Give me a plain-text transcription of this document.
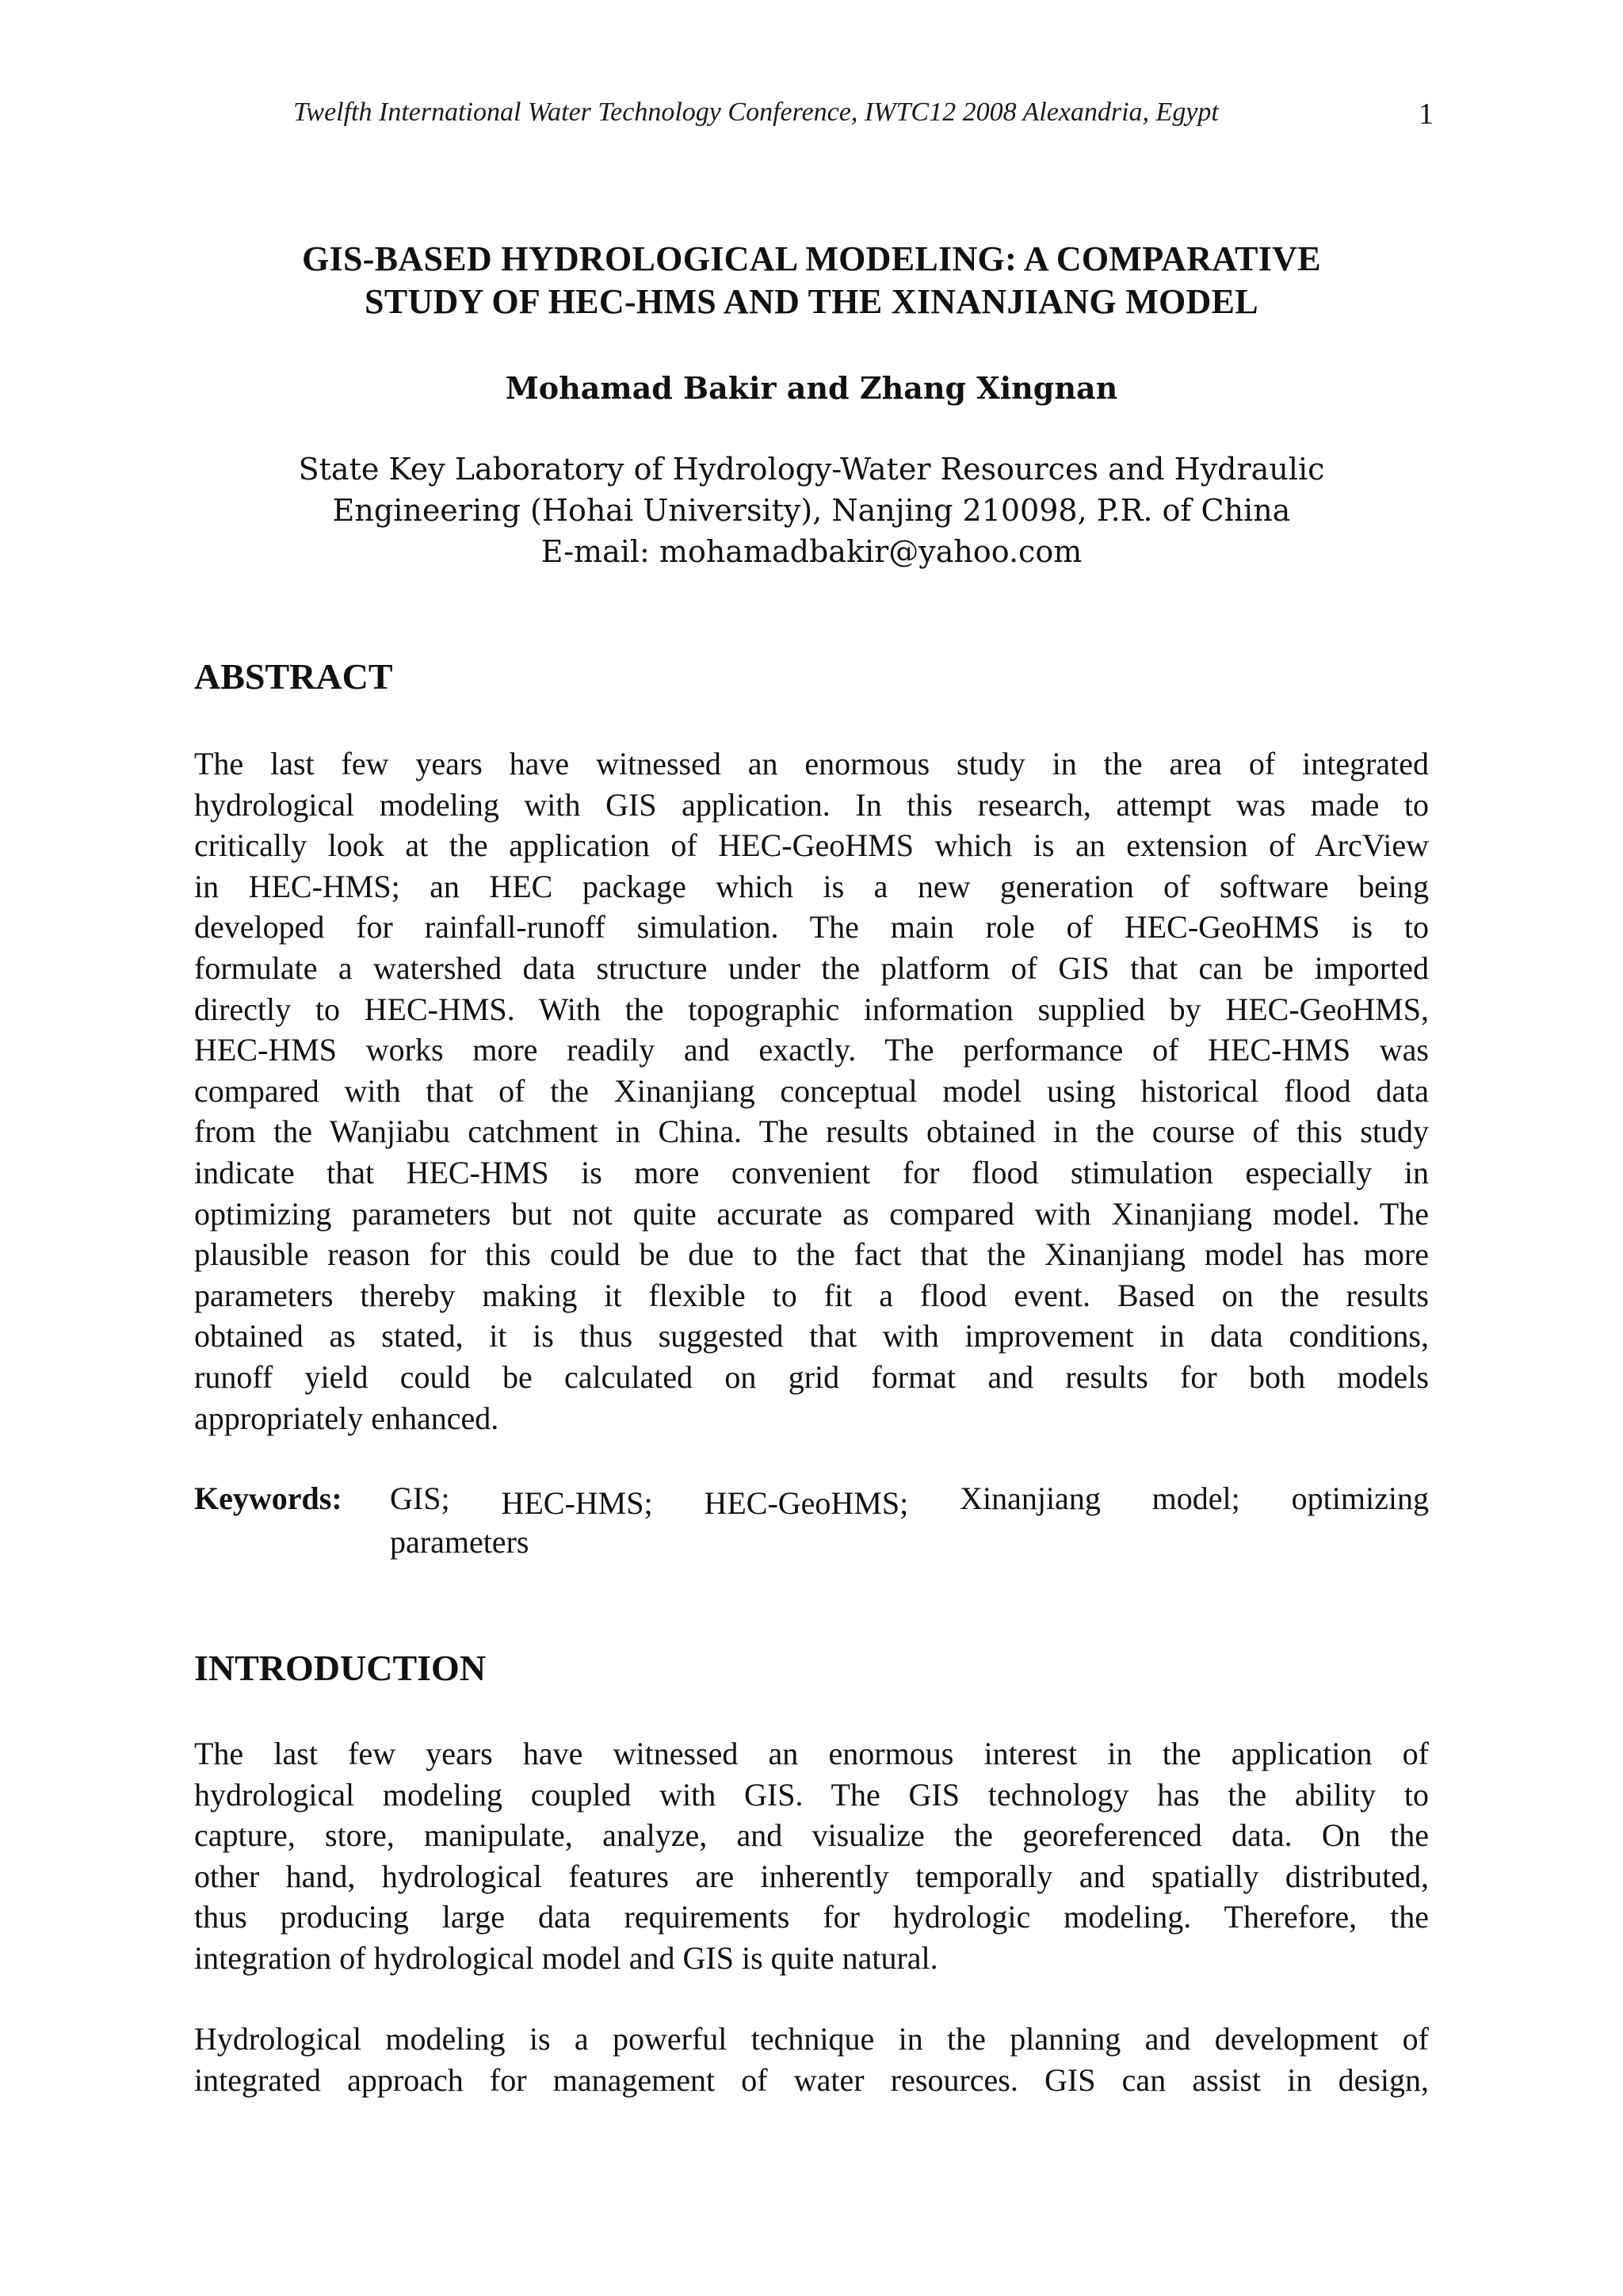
Twelfth International Water Technology Conference, IWTC12 2008 Alexandria, Egypt	1
GIS-BASED HYDROLOGICAL MODELING: A COMPARATIVE
STUDY OF HEC-HMS AND THE XINANJIANG MODEL
Mohamad Bakir and Zhang Xingnan
State Key Laboratory of Hydrology-Water Resources and Hydraulic
Engineering (Hohai University), Nanjing 210098, P.R. of China
E-mail: mohamadbakir@yahoo.com
ABSTRACT
The last few years have witnessed an enormous study in the area of integrated
hydrological modeling with GIS application. In this research, attempt was made to
critically look at the application of HEC-GeoHMS which is an extension of ArcView
in HEC-HMS; an HEC package which is a new generation of software being
developed for rainfall-runoff simulation. The main role of HEC-GeoHMS is to
formulate a watershed data structure under the platform of GIS that can be imported
directly to HEC-HMS. With the topographic information supplied by HEC-GeoHMS,
HEC-HMS works more readily and exactly. The performance of HEC-HMS was
compared with that of the Xinanjiang conceptual model using historical flood data
from the Wanjiabu catchment in China. The results obtained in the course of this study
indicate that HEC-HMS is more convenient for flood stimulation especially in
optimizing parameters but not quite accurate as compared with Xinanjiang model. The
plausible reason for this could be due to the fact that the Xinanjiang model has more
parameters thereby making it flexible to fit a flood event. Based on the results
obtained as stated, it is thus suggested that with improvement in data conditions,
runoff yield could be calculated on grid format and results for both models
appropriately enhanced.
Keywords: GIS; HEC-HMS; HEC-GeoHMS; Xinanjiang model; optimizing
parameters
INTRODUCTION
The last few years have witnessed an enormous interest in the application of
hydrological modeling coupled with GIS. The GIS technology has the ability to
capture, store, manipulate, analyze, and visualize the georeferenced data. On the
other hand, hydrological features are inherently temporally and spatially distributed,
thus producing large data requirements for hydrologic modeling. Therefore, the
integration of hydrological model and GIS is quite natural.
Hydrological modeling is a powerful technique in the planning and development of
integrated approach for management of water resources. GIS can assist in design,
